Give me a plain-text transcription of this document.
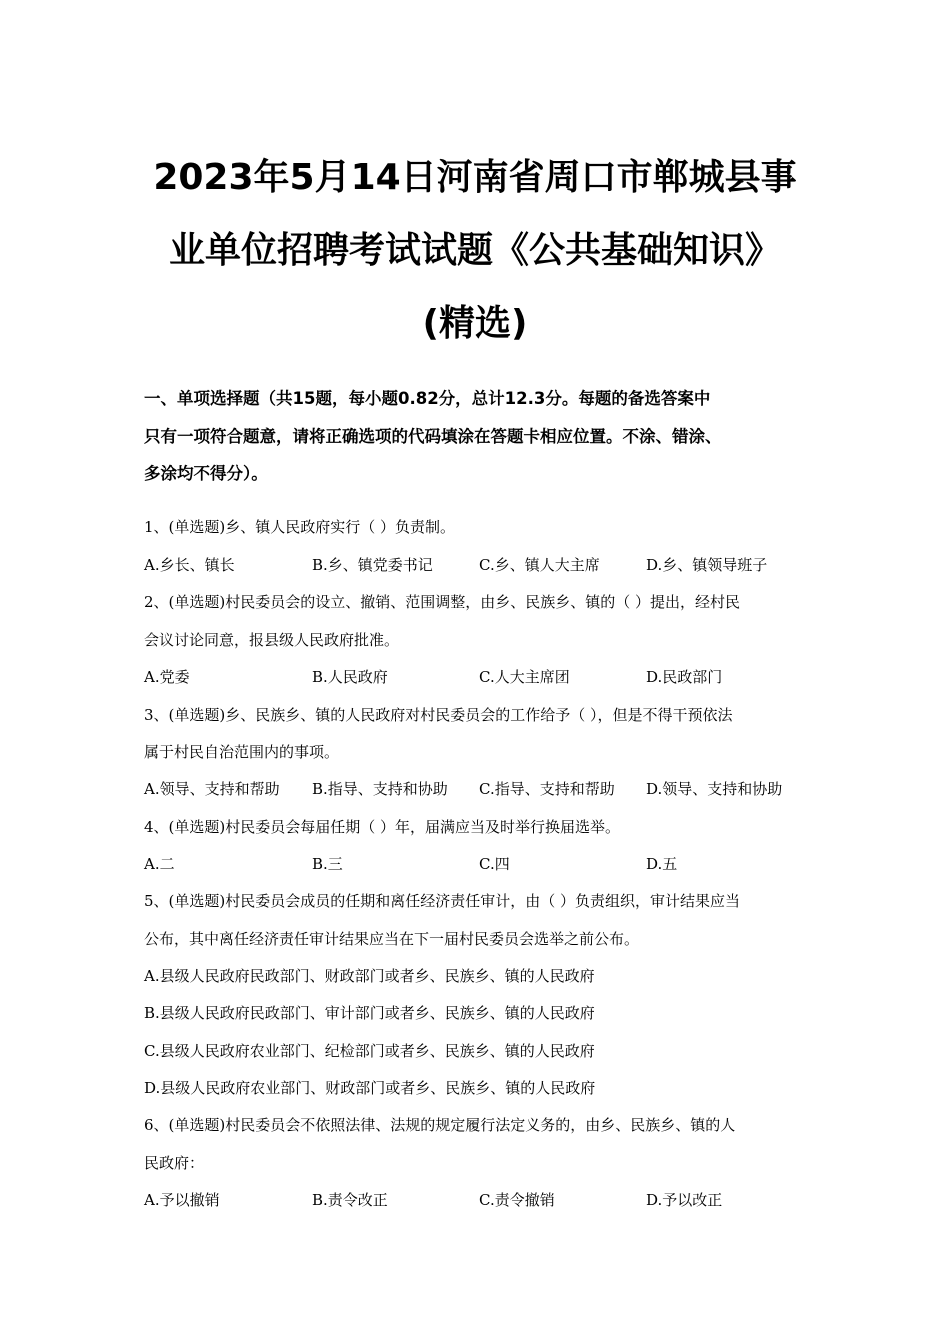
2023年5月14日河南省周口市郸城县事
业单位招聘考试试题《公共基础知识》
(精选)
一、单项选择题（共15题，每小题0.82分，总计12.3分。每题的备选答案中
只有一项符合题意，请将正确选项的代码填涂在答题卡相应位置。不涂、错涂、
多涂均不得分）。
1、(单选题)乡、镇人民政府实行（ ）负责制。
A.乡长、镇长	B.乡、镇党委书记	C.乡、镇人大主席	D.乡、镇领导班子
2、(单选题)村民委员会的设立、撤销、范围调整，由乡、民族乡、镇的（ ）提出，经村民
会议讨论同意，报县级人民政府批准。
A.党委	B.人民政府	C.人大主席团	D.民政部门
3、(单选题)乡、民族乡、镇的人民政府对村民委员会的工作给予（ ），但是不得干预依法
属于村民自治范围内的事项。
A.领导、支持和帮助 B.指导、支持和协助 C.指导、支持和帮助 D.领导、支持和协助
4、(单选题)村民委员会每届任期（ ）年，届满应当及时举行换届选举。
A.二	B.三	C.四	D.五
5、(单选题)村民委员会成员的任期和离任经济责任审计，由（ ）负责组织，审计结果应当
公布，其中离任经济责任审计结果应当在下一届村民委员会选举之前公布。
A.县级人民政府民政部门、财政部门或者乡、民族乡、镇的人民政府
B.县级人民政府民政部门、审计部门或者乡、民族乡、镇的人民政府
C.县级人民政府农业部门、纪检部门或者乡、民族乡、镇的人民政府
D.县级人民政府农业部门、财政部门或者乡、民族乡、镇的人民政府
6、(单选题)村民委员会不依照法律、法规的规定履行法定义务的，由乡、民族乡、镇的人
民政府：
A.予以撤销	B.责令改正	C.责令撤销	D.予以改正
